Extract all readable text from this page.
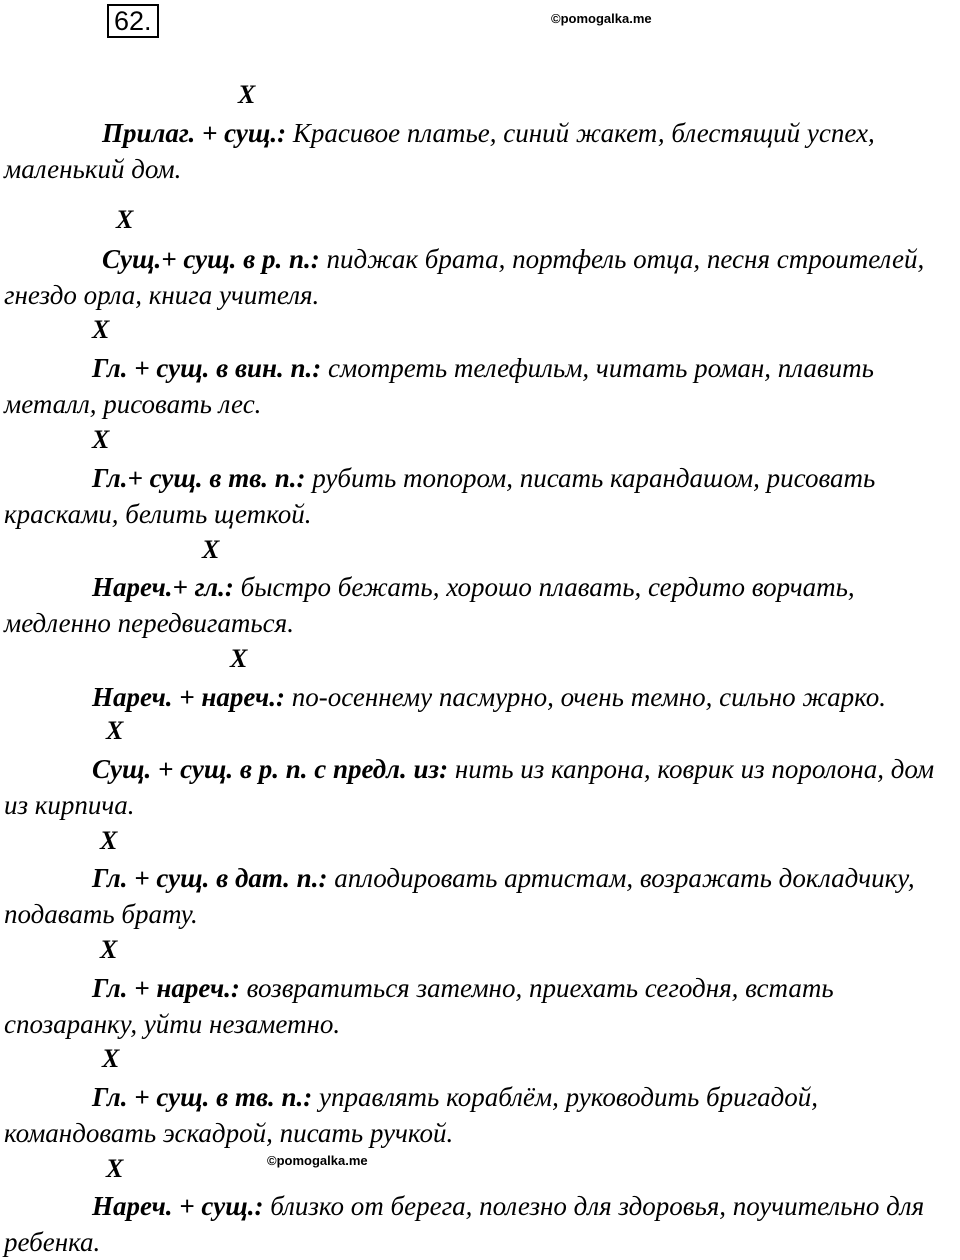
62.	©pomogalka.me
X
Прилаг. + сущ.: Красивое платье, синий жакет, блестящий успех, маленький дом.
X
Сущ.+ сущ. в р. п.: пиджак брата, портфель отца, песня строителей, гнездо орла, книга учителя.
X
Гл. + сущ. в вин. п.: смотреть телефильм, читать роман, плавить металл, рисовать лес.
X
Гл.+ сущ. в тв. п.: рубить топором, писать карандашом, рисовать красками, белить щеткой.
X
Нареч.+ гл.: быстро бежать, хорошо плавать, сердито ворчать, медленно передвигаться.
X
Нареч. + нареч.: по-осеннему пасмурно, очень темно, сильно жарко.
X
Сущ. + сущ. в р. п. с предл. из: нить из капрона, коврик из поролона, дом из кирпича.
X
Гл. + сущ. в дат. п.: аплодировать артистам, возражать докладчику, подавать брату.
X
Гл. + нареч.: возвратиться затемно, приехать сегодня, встать спозаранку, уйти незаметно.
X
Гл. + сущ. в тв. п.: управлять кораблём, руководить бригадой, командовать эскадрой, писать ручкой.
X	©pomogalka.me
Нареч. + сущ.: близко от берега, полезно для здоровья, поучительно для ребенка.
